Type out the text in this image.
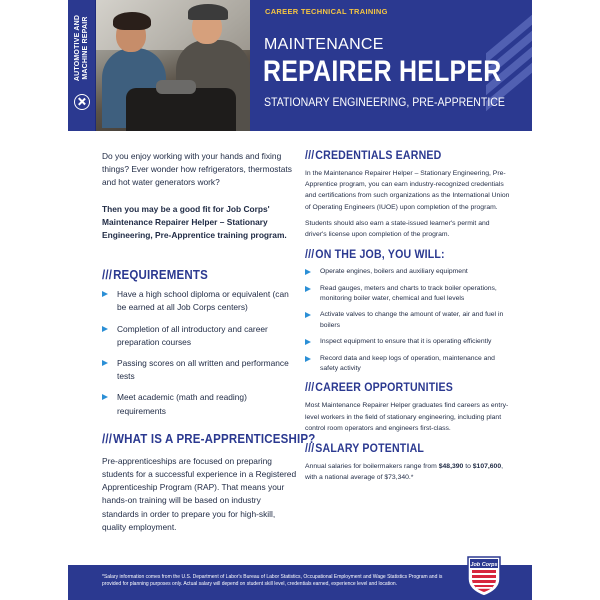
AUTOMOTIVE AND MACHINE REPAIR
CAREER TECHNICAL TRAINING
MAINTENANCE
REPAIRER HELPER
STATIONARY ENGINEERING, PRE-APPRENTICE

Do you enjoy working with your hands and fixing things? Ever wonder how refrigerators, thermostats and hot water generators work?

Then you may be a good fit for Job Corps' Maintenance Repairer Helper – Stationary Engineering, Pre-Apprentice training program.

///REQUIREMENTS
Have a high school diploma or equivalent (can be earned at all Job Corps centers)
Completion of all introductory and career preparation courses
Passing scores on all written and performance tests
Meet academic (math and reading) requirements
///WHAT IS A PRE-APPRENTICESHIP?

Pre-apprenticeships are focused on preparing students for a successful experience in a Registered Apprenticeship Program (RAP). That means your hands-on training will be based on industry standards in order to prepare you for high-skill, quality employment.

///CREDENTIALS EARNED

In the Maintenance Repairer Helper – Stationary Engineering, Pre-Apprentice program, you can earn industry-recognized credentials and certifications from such organizations as the International Union of Operating Engineers (IUOE) upon completion of the program.

Students should also earn a state-issued learner's permit and driver's license upon completion of the program.

///ON THE JOB, YOU WILL:
Operate engines, boilers and auxiliary equipment
Read gauges, meters and charts to track boiler operations, monitoring boiler water, chemical and fuel levels
Activate valves to change the amount of water, air and fuel in boilers
Inspect equipment to ensure that it is operating efficiently
Record data and keep logs of operation, maintenance and safety activity
///CAREER OPPORTUNITIES

Most Maintenance Repairer Helper graduates find careers as entry-level workers in the field of stationary engineering, including plant control room operators and engineers first-class.

///SALARY POTENTIAL

Annual salaries for boilermakers range from $48,390 to $107,600, with a national average of $73,340.*

*Salary information comes from the U.S. Department of Labor's Bureau of Labor Statistics, Occupational Employment and Wage Statistics Program and is provided for planning purposes only. Actual salary will depend on student skill level, credentials earned, experience level and location.
Job Corps
